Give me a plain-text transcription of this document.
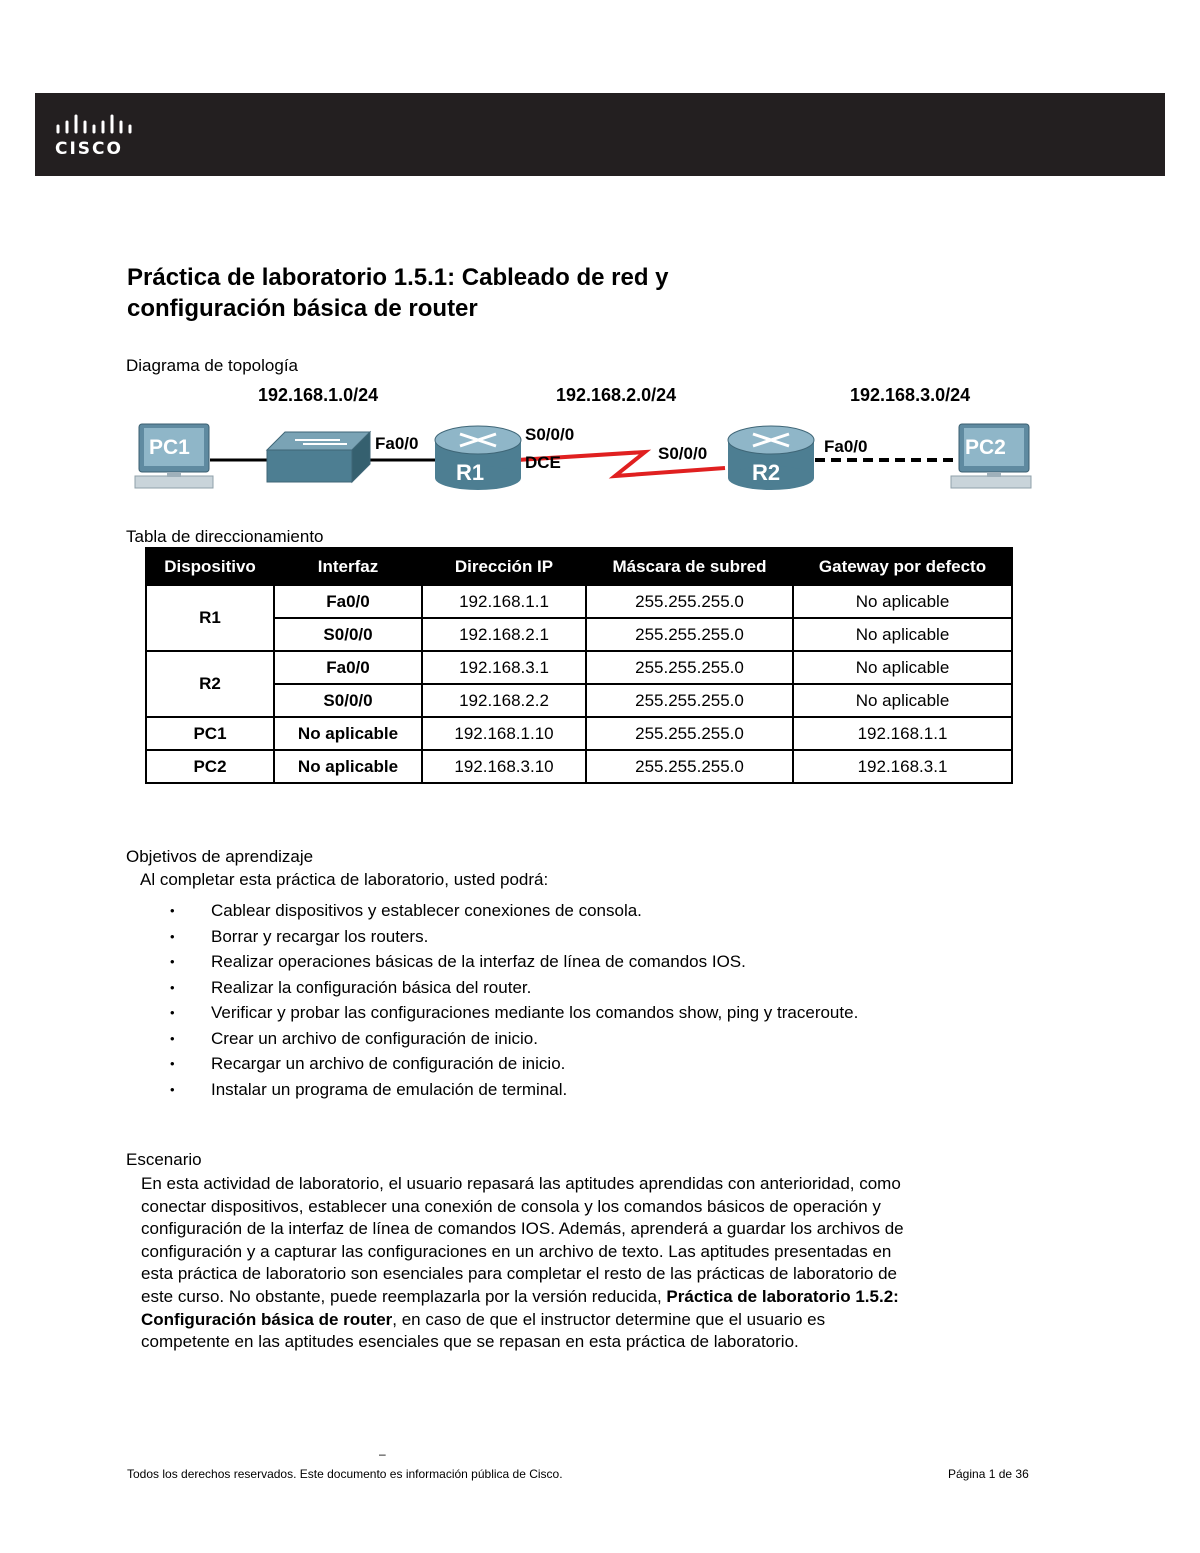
CISCO
Práctica de laboratorio 1.5.1: Cableado de red y configuración básica de router
Diagrama de topología
192.168.1.0/24	192.168.2.0/24	192.168.3.0/24
PC1
R1	R2
PC2
Fa0/0	S0/0/0
DCE	S0/0/0	Fa0/0
Tabla de direccionamiento
Dispositivo	Interfaz	Dirección IP	Máscara de subred	Gateway por defecto
R1	Fa0/0	192.168.1.1	255.255.255.0	No aplicable
	S0/0/0	192.168.2.1	255.255.255.0	No aplicable
R2	Fa0/0	192.168.3.1	255.255.255.0	No aplicable
	S0/0/0	192.168.2.2	255.255.255.0	No aplicable
PC1	No aplicable	192.168.1.10	255.255.255.0	192.168.1.1
PC2	No aplicable	192.168.3.10	255.255.255.0	192.168.3.1
Objetivos de aprendizaje
Al completar esta práctica de laboratorio, usted podrá:
• Cablear dispositivos y establecer conexiones de consola.
• Borrar y recargar los routers.
• Realizar operaciones básicas de la interfaz de línea de comandos IOS.
• Realizar la configuración básica del router.
• Verificar y probar las configuraciones mediante los comandos show, ping y traceroute.
• Crear un archivo de configuración de inicio.
• Recargar un archivo de configuración de inicio.
• Instalar un programa de emulación de terminal.
Escenario
En esta actividad de laboratorio, el usuario repasará las aptitudes aprendidas con anterioridad, como conectar dispositivos, establecer una conexión de consola y los comandos básicos de operación y configuración de la interfaz de línea de comandos IOS. Además, aprenderá a guardar los archivos de configuración y a capturar las configuraciones en un archivo de texto. Las aptitudes presentadas en esta práctica de laboratorio son esenciales para completar el resto de las prácticas de laboratorio de este curso. No obstante, puede reemplazarla por la versión reducida, Práctica de laboratorio 1.5.2: Configuración básica de router, en caso de que el instructor determine que el usuario es competente en las aptitudes esenciales que se repasan en esta práctica de laboratorio.
–
Todos los derechos reservados. Este documento es información pública de Cisco.	Página 1 de 36
